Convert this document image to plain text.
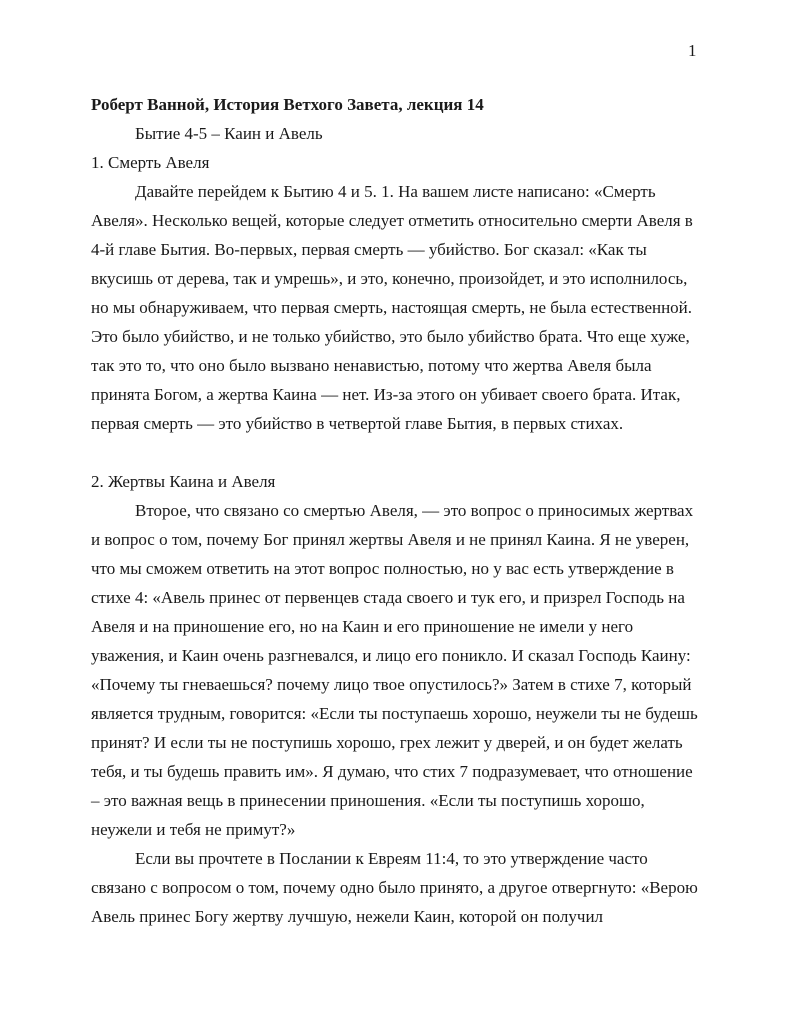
1
Роберт Ванной, История Ветхого Завета, лекция 14
Бытие 4-5 – Каин и Авель
1. Смерть Авеля
Давайте перейдем к Бытию 4 и 5. 1. На вашем листе написано: «Смерть
Авеля». Несколько вещей, которые следует отметить относительно смерти Авеля в
4-й главе Бытия. Во-первых, первая смерть — убийство. Бог сказал: «Как ты
вкусишь от дерева, так и умрешь», и это, конечно, произойдет, и это исполнилось,
но мы обнаруживаем, что первая смерть, настоящая смерть, не была естественной.
Это было убийство, и не только убийство, это было убийство брата. Что еще хуже,
так это то, что оно было вызвано ненавистью, потому что жертва Авеля была
принята Богом, а жертва Каина — нет. Из-за этого он убивает своего брата. Итак,
первая смерть — это убийство в четвертой главе Бытия, в первых стихах.
2. Жертвы Каина и Авеля
Второе, что связано со смертью Авеля, — это вопрос о приносимых жертвах
и вопрос о том, почему Бог принял жертвы Авеля и не принял Каина. Я не уверен,
что мы сможем ответить на этот вопрос полностью, но у вас есть утверждение в
стихе 4: «Авель принес от первенцев стада своего и тук его, и призрел Господь на
Авеля и на приношение его, но на Каин и его приношение не имели у него
уважения, и Каин очень разгневался, и лицо его поникло. И сказал Господь Каину:
«Почему ты гневаешься? почему лицо твое опустилось?» Затем в стихе 7, который
является трудным, говорится: «Если ты поступаешь хорошо, неужели ты не будешь
принят? И если ты не поступишь хорошо, грех лежит у дверей, и он будет желать
тебя, и ты будешь править им». Я думаю, что стих 7 подразумевает, что отношение
– это важная вещь в принесении приношения. «Если ты поступишь хорошо,
неужели и тебя не примут?»
Если вы прочтете в Послании к Евреям 11:4, то это утверждение часто
связано с вопросом о том, почему одно было принято, а другое отвергнуто: «Верою
Авель принес Богу жертву лучшую, нежели Каин, которой он получил
